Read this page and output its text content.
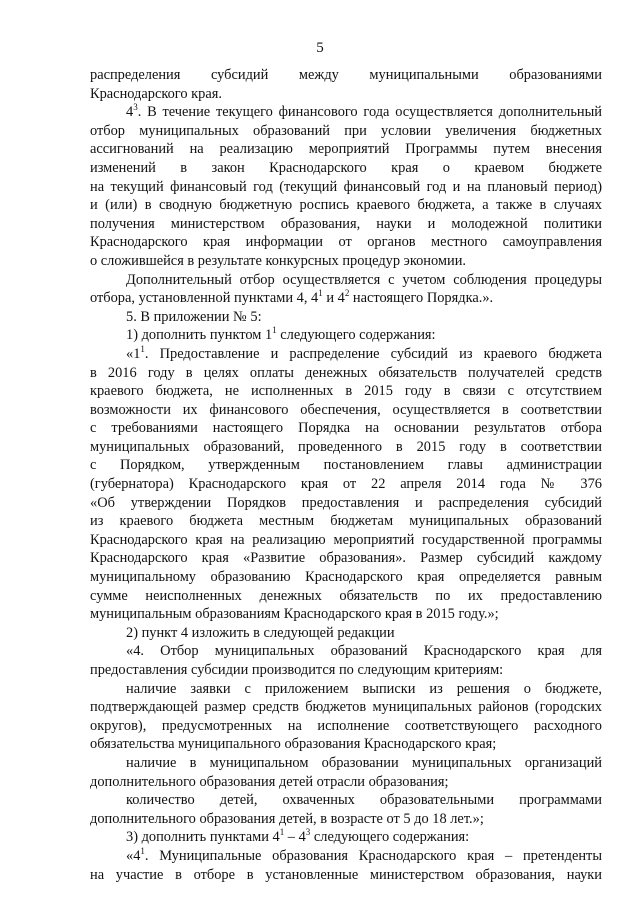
5
распределения субсидий между муниципальными образованиями
Краснодарского края.
$4^3$. В течение текущего финансового года осуществляется дополнительный
отбор муниципальных образований при условии увеличения бюджетных
ассигнований на реализацию мероприятий Программы путем внесения
изменений в закон Краснодарского края о краевом бюджете
на текущий финансовый год (текущий финансовый год и на плановый период)
и (или) в сводную бюджетную роспись краевого бюджета, а также в случаях
получения министерством образования, науки и молодежной политики
Краснодарского края информации от органов местного самоуправления
о сложившейся в результате конкурсных процедур экономии.
Дополнительный отбор осуществляется с учетом соблюдения процедуры
отбора, установленной пунктами 4, $4^1$ и $4^2$ настоящего Порядка.».
5. В приложении № 5:
1) дополнить пунктом $1^1$ следующего содержания:
«$1^1$. Предоставление и распределение субсидий из краевого бюджета
в 2016 году в целях оплаты денежных обязательств получателей средств
краевого бюджета, не исполненных в 2015 году в связи с отсутствием
возможности их финансового обеспечения, осуществляется в соответствии
с требованиями настоящего Порядка на основании результатов отбора
муниципальных образований, проведенного в 2015 году в соответствии
с Порядком, утвержденным постановлением главы администрации
(губернатора) Краснодарского края от 22 апреля 2014 года № 376
«Об утверждении Порядков предоставления и распределения субсидий
из краевого бюджета местным бюджетам муниципальных образований
Краснодарского края на реализацию мероприятий государственной программы
Краснодарского края «Развитие образования». Размер субсидий каждому
муниципальному образованию Краснодарского края определяется равным
сумме неисполненных денежных обязательств по их предоставлению
муниципальным образованиям Краснодарского края в 2015 году.»;
2) пункт 4 изложить в следующей редакции
«4. Отбор муниципальных образований Краснодарского края для
предоставления субсидии производится по следующим критериям:
наличие заявки с приложением выписки из решения о бюджете,
подтверждающей размер средств бюджетов муниципальных районов (городских
округов), предусмотренных на исполнение соответствующего расходного
обязательства муниципального образования Краснодарского края;
наличие в муниципальном образовании муниципальных организаций
дополнительного образования детей отрасли образования;
количество детей, охваченных образовательными программами
дополнительного образования детей, в возрасте от 5 до 18 лет.»;
3) дополнить пунктами $4^1 - 4^3$ следующего содержания:
«$4^1$. Муниципальные образования Краснодарского края – претенденты
на участие в отборе в установленные министерством образования, науки
